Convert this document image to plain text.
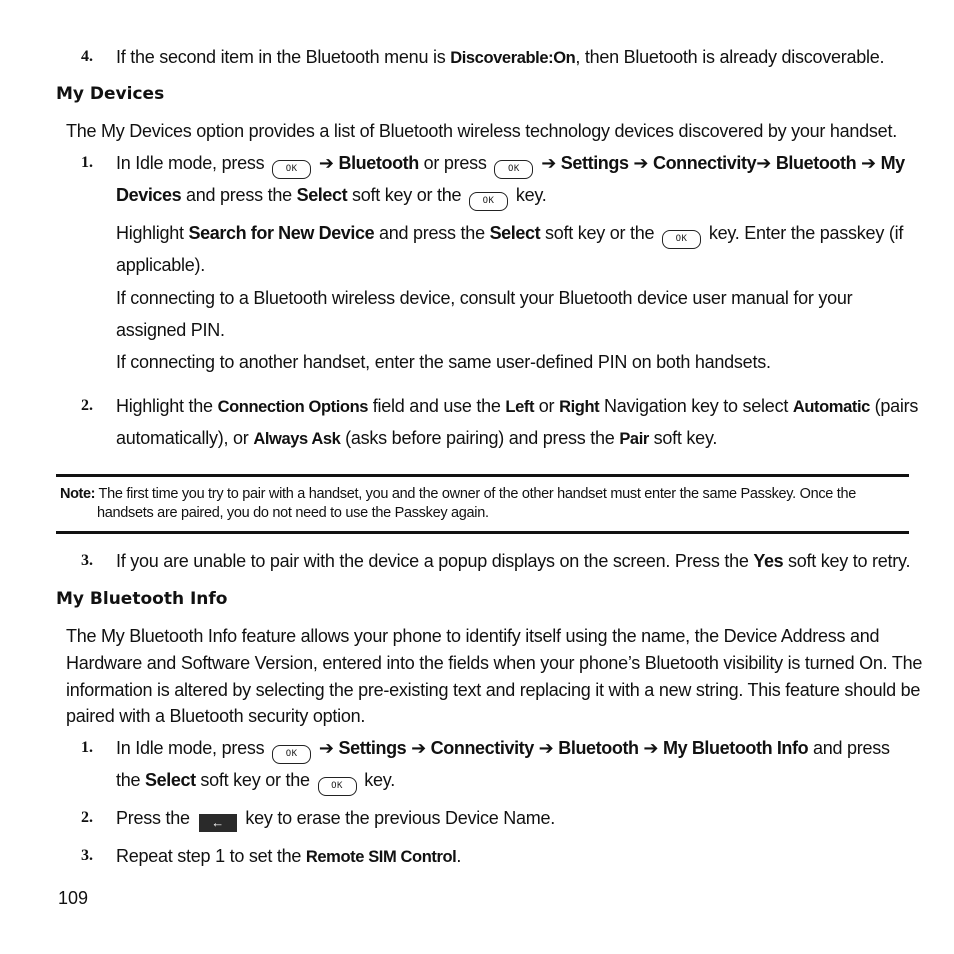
4. If the second item in the Bluetooth menu is Discoverable:On, then Bluetooth is already discoverable.
My Devices
The My Devices option provides a list of Bluetooth wireless technology devices discovered by your handset.
1. In Idle mode, press OK ➔ Bluetooth or press OK ➔ Settings ➔ Connectivity➔ Bluetooth ➔ My
Devices and press the Select soft key or the OK key.
Highlight Search for New Device and press the Select soft key or the OK key. Enter the passkey (if
applicable).
If connecting to a Bluetooth wireless device, consult your Bluetooth device user manual for your
assigned PIN.
If connecting to another handset, enter the same user-defined PIN on both handsets.
2. Highlight the Connection Options field and use the Left or Right Navigation key to select Automatic (pairs
automatically), or Always Ask (asks before pairing) and press the Pair soft key.
Note: The first time you try to pair with a handset, you and the owner of the other handset must enter the same Passkey. Once the
handsets are paired, you do not need to use the Passkey again.
3. If you are unable to pair with the device a popup displays on the screen. Press the Yes soft key to retry.
My Bluetooth Info
The My Bluetooth Info feature allows your phone to identify itself using the name, the Device Address and
Hardware and Software Version, entered into the fields when your phone’s Bluetooth visibility is turned On. The
information is altered by selecting the pre-existing text and replacing it with a new string. This feature should be
paired with a Bluetooth security option.
1. In Idle mode, press OK ➔ Settings ➔ Connectivity ➔ Bluetooth ➔ My Bluetooth Info and press
the Select soft key or the OK key.
2. Press the ← key to erase the previous Device Name.
3. Repeat step 1 to set the Remote SIM Control.
109
